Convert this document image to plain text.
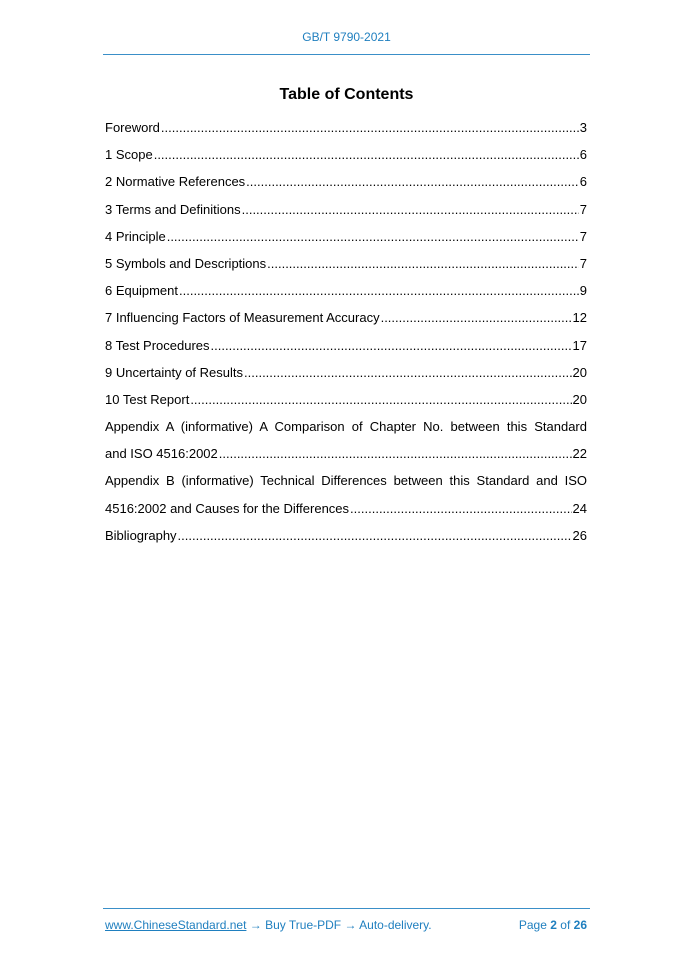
GB/T 9790-2021
Table of Contents
Foreword .....	3
1 Scope .....	6
2 Normative References .....	6
3 Terms and Definitions .....	7
4 Principle .....	7
5 Symbols and Descriptions .....	7
6 Equipment .....	9
7 Influencing Factors of Measurement Accuracy .....	12
8 Test Procedures .....	17
9 Uncertainty of Results .....	20
10 Test Report .....	20
Appendix A (informative) A Comparison of Chapter No. between this Standard
and ISO 4516:2002 .....	22
Appendix B (informative) Technical Differences between this Standard and ISO
4516:2002 and Causes for the Differences .....	24
Bibliography .....	26
www.ChineseStandard.net → Buy True-PDF → Auto-delivery.	Page 2 of 26
